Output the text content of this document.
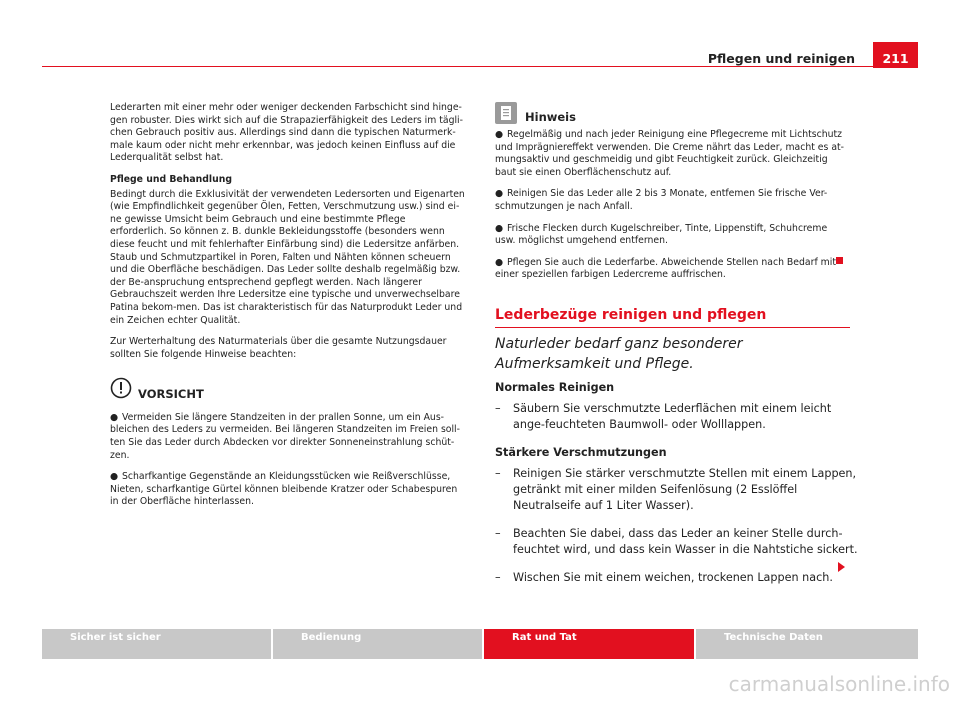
Pflegen und reinigen	211

Lederarten mit einer mehr oder weniger deckenden Farbschicht sind hinge-gen robuster. Dies wirkt sich auf die Strapazierfähigkeit des Leders im tägli-chen Gebrauch positiv aus. Allerdings sind dann die typischen Naturmerk-male kaum oder nicht mehr erkennbar, was jedoch keinen Einfluss auf die Lederqualität selbst hat.

Pflege und Behandlung

Bedingt durch die Exklusivität der verwendeten Ledersorten und Eigenarten (wie Empfindlichkeit gegenüber Ölen, Fetten, Verschmutzung usw.) sind ei-ne gewisse Umsicht beim Gebrauch und eine bestimmte Pflege erforderlich. So können z. B. dunkle Bekleidungsstoffe (besonders wenn diese feucht und mit fehlerhafter Einfärbung sind) die Ledersitze anfärben. Staub und Schmutzpartikel in Poren, Falten und Nähten können scheuern und die Oberfläche beschädigen. Das Leder sollte deshalb regelmäßig bzw. der Be-anspruchung entsprechend gepflegt werden. Nach längerer Gebrauchszeit werden Ihre Ledersitze eine typische und unverwechselbare Patina bekom-men. Das ist charakteristisch für das Naturprodukt Leder und ein Zeichen echter Qualität.

Zur Werterhaltung des Naturmaterials über die gesamte Nutzungsdauer sollten Sie folgende Hinweise beachten:

VORSICHT
● Vermeiden Sie längere Standzeiten in der prallen Sonne, um ein Aus-bleichen des Leders zu vermeiden. Bei längeren Standzeiten im Freien soll-ten Sie das Leder durch Abdecken vor direkter Sonneneinstrahlung schüt-zen.
● Scharfkantige Gegenstände an Kleidungsstücken wie Reißverschlüsse, Nieten, scharfkantige Gürtel können bleibende Kratzer oder Schabespuren in der Oberfläche hinterlassen.
Hinweis
● Regelmäßig und nach jeder Reinigung eine Pflegecreme mit Lichtschutz und Imprägniereffekt verwenden. Die Creme nährt das Leder, macht es at-mungsaktiv und geschmeidig und gibt Feuchtigkeit zurück. Gleichzeitig baut sie einen Oberflächenschutz auf.
● Reinigen Sie das Leder alle 2 bis 3 Monate, entfemen Sie frische Ver-schmutzungen je nach Anfall.
● Frische Flecken durch Kugelschreiber, Tinte, Lippenstift, Schuhcreme usw. möglichst umgehend entfernen.
● Pflegen Sie auch die Lederfarbe. Abweichende Stellen nach Bedarf mit einer speziellen farbigen Ledercreme auffrischen.
Lederbezüge reinigen und pflegen
Naturleder bedarf ganz besonderer Aufmerksamkeit und Pflege.

Normales Reinigen

–	Säubern Sie verschmutzte Lederflächen mit einem leicht ange-feuchteten Baumwoll- oder Wolllappen.

Stärkere Verschmutzungen

–	Reinigen Sie stärker verschmutzte Stellen mit einem Lappen, getränkt mit einer milden Seifenlösung (2 Esslöffel Neutralseife auf 1 Liter Wasser).
–	Beachten Sie dabei, dass das Leder an keiner Stelle durch-feuchtet wird, und dass kein Wasser in die Nahtstiche sickert.
–	Wischen Sie mit einem weichen, trockenen Lappen nach.
Sicher ist sicher	Bedienung	Rat und Tat	Technische Daten
carmanualsonline.info
